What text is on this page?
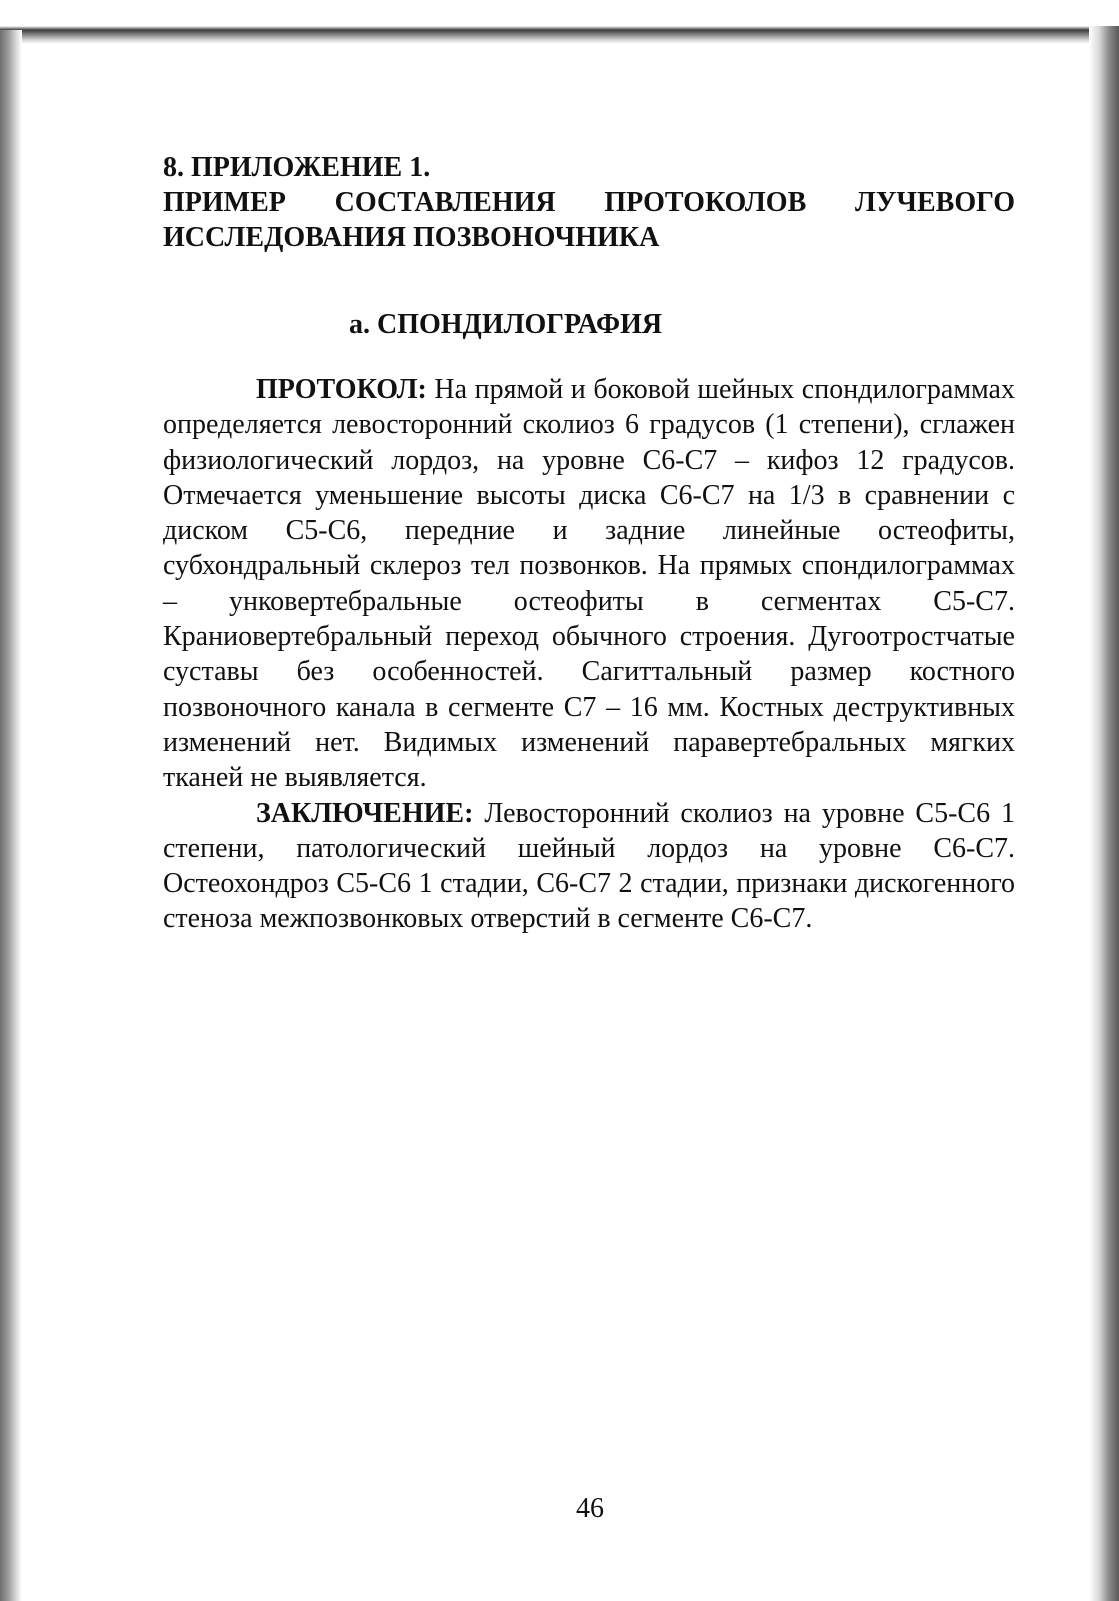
8. ПРИЛОЖЕНИЕ 1.
ПРИМЕР СОСТАВЛЕНИЯ ПРОТОКОЛОВ ЛУЧЕВОГО
ИССЛЕДОВАНИЯ ПОЗВОНОЧНИКА
a. СПОНДИЛОГРАФИЯ

ПРОТОКОЛ: На прямой и боковой шейных спондилограммах определяется левосторонний сколиоз 6 градусов (1 степени), сглажен физиологический лордоз, на уровне С6-С7 – кифоз 12 градусов. Отмечается уменьшение высоты диска С6-С7 на 1/3 в сравнении с диском С5-С6, передние и задние линейные остеофиты, субхондральный склероз тел позвонков. На прямых спондилограммах – унковертебральные остеофиты в сегментах С5-С7. Краниовертебральный переход обычного строения. Дугоотростчатые суставы без особенностей. Сагиттальный размер костного позвоночного канала в сегменте С7 – 16 мм. Костных деструктивных изменений нет. Видимых изменений паравертебральных мягких тканей не выявляется.

ЗАКЛЮЧЕНИЕ: Левосторонний сколиоз на уровне С5-С6 1 степени, патологический шейный лордоз на уровне С6-С7. Остеохондроз С5-С6 1 стадии, С6-С7 2 стадии, признаки дискогенного стеноза межпозвонковых отверстий в сегменте С6-С7.

46
